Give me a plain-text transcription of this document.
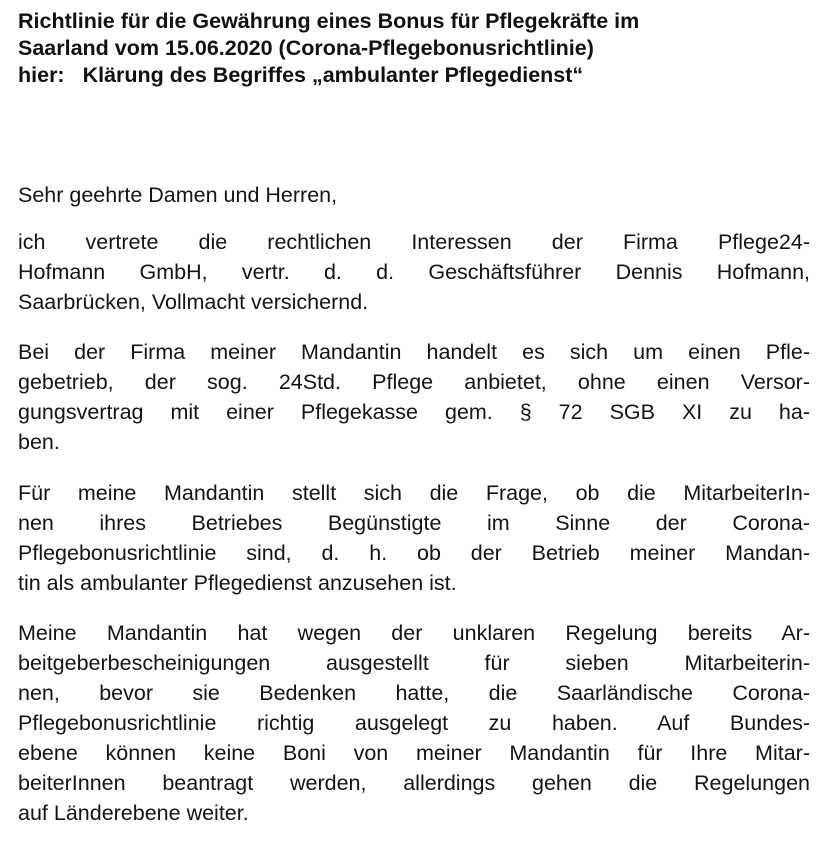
Richtlinie für die Gewährung eines Bonus für Pflegekräfte im
Saarland vom 15.06.2020 (Corona-Pflegebonusrichtlinie)
hier: Klärung des Begriffes „ambulanter Pflegedienst“
Sehr geehrte Damen und Herren,
ich vertrete die rechtlichen Interessen der Firma Pflege24-
Hofmann GmbH, vertr. d. d. Geschäftsführer Dennis Hofmann,
Saarbrücken, Vollmacht versichernd.
Bei der Firma meiner Mandantin handelt es sich um einen Pfle-
gebetrieb, der sog. 24Std. Pflege anbietet, ohne einen Versor-
gungsvertrag mit einer Pflegekasse gem. § 72 SGB XI zu ha-
ben.
Für meine Mandantin stellt sich die Frage, ob die MitarbeiterIn-
nen ihres Betriebes Begünstigte im Sinne der Corona-
Pflegebonusrichtlinie sind, d. h. ob der Betrieb meiner Mandan-
tin als ambulanter Pflegedienst anzusehen ist.
Meine Mandantin hat wegen der unklaren Regelung bereits Ar-
beitgeberbescheinigungen ausgestellt für sieben Mitarbeiterin-
nen, bevor sie Bedenken hatte, die Saarländische Corona-
Pflegebonusrichtlinie richtig ausgelegt zu haben. Auf Bundes-
ebene können keine Boni von meiner Mandantin für Ihre Mitar-
beiterInnen beantragt werden, allerdings gehen die Regelungen
auf Länderebene weiter.
